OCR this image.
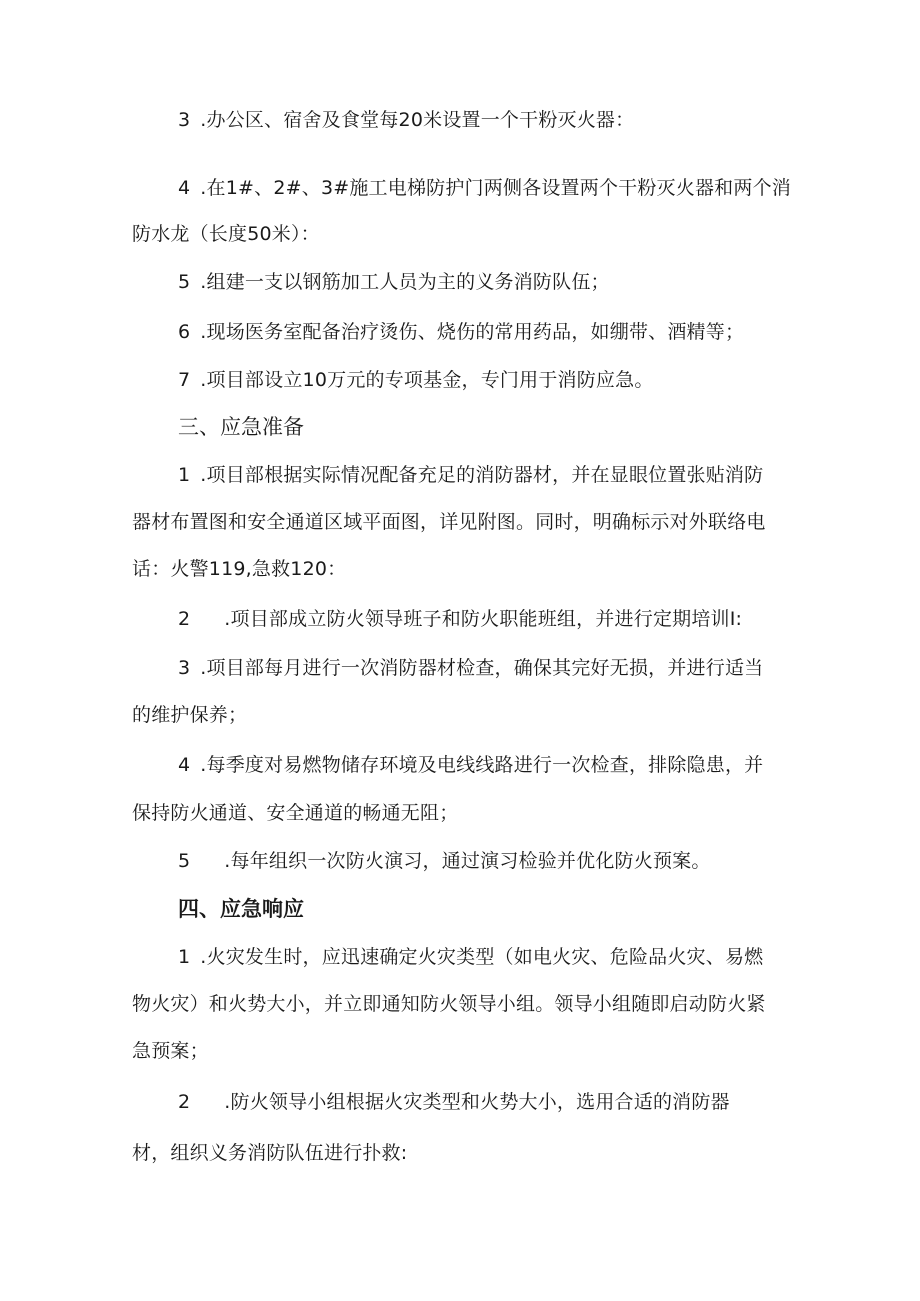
3 .办公区、宿舍及食堂每20米设置一个干粉灭火器：
4 .在1#、2#、3#施工电梯防护门两侧各设置两个干粉灭火器和两个消
防水龙（长度50米）：
5 .组建一支以钢筋加工人员为主的义务消防队伍；
6 .现场医务室配备治疗烫伤、烧伤的常用药品，如绷带、酒精等；
7 .项目部设立10万元的专项基金，专门用于消防应急。
三、应急准备
1 .项目部根据实际情况配备充足的消防器材，并在显眼位置张贴消防
器材布置图和安全通道区域平面图，详见附图。同时，明确标示对外联络电
话：火警119,急救120：
2 .项目部成立防火领导班子和防火职能班组，并进行定期培训I:
3 .项目部每月进行一次消防器材检查，确保其完好无损，并进行适当
的维护保养；
4 .每季度对易燃物储存环境及电线线路进行一次检查，排除隐患，并
保持防火通道、安全通道的畅通无阻；
5 .每年组织一次防火演习，通过演习检验并优化防火预案。
四、应急响应
1 .火灾发生时，应迅速确定火灾类型（如电火灾、危险品火灾、易燃
物火灾）和火势大小，并立即通知防火领导小组。领导小组随即启动防火紧
急预案；
2 .防火领导小组根据火灾类型和火势大小，选用合适的消防器
材，组织义务消防队伍进行扑救:
